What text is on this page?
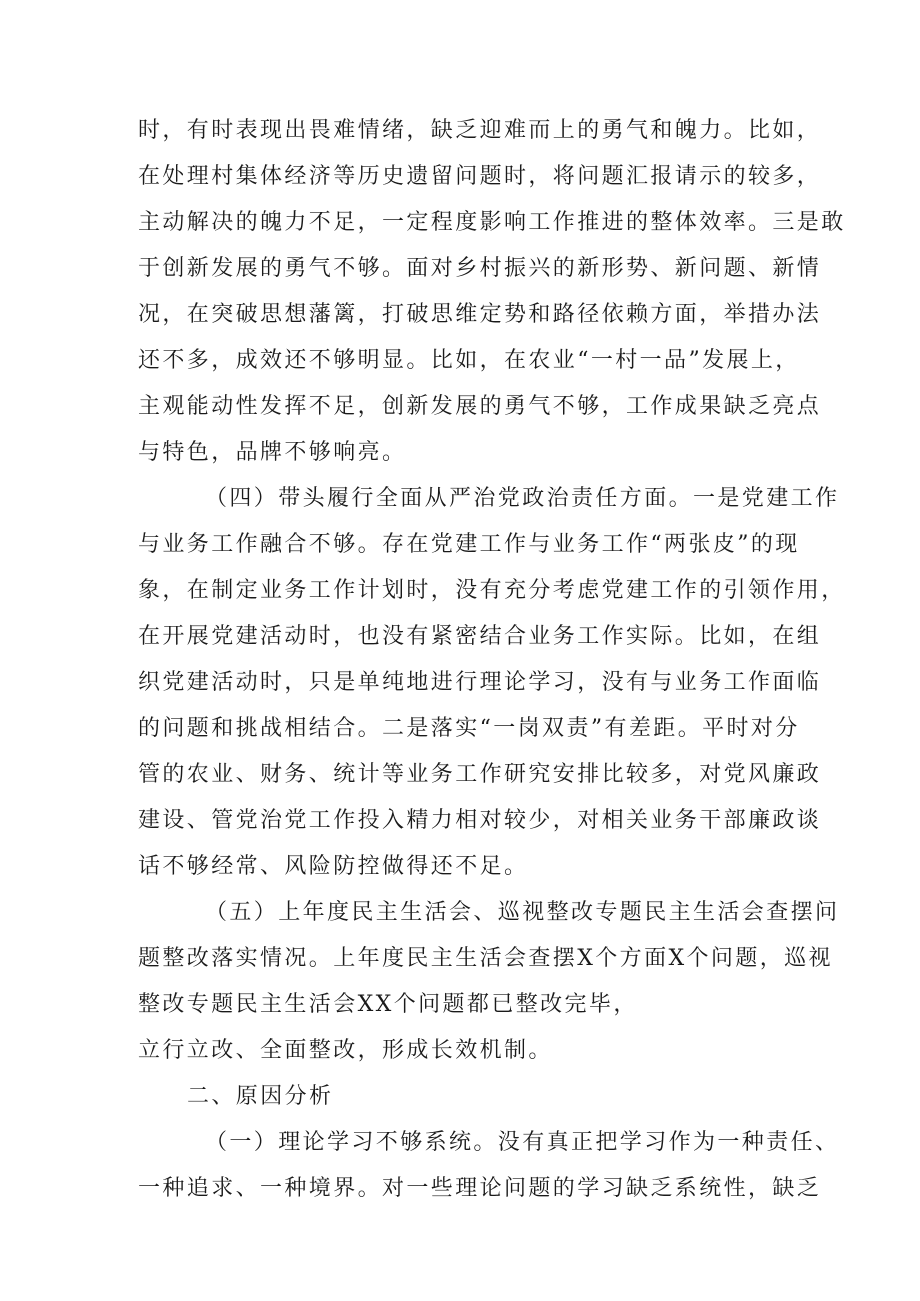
时，有时表现出畏难情绪，缺乏迎难而上的勇气和魄力。比如，
在处理村集体经济等历史遗留问题时，将问题汇报请示的较多，
主动解决的魄力不足，一定程度影响工作推进的整体效率。三是敢
于创新发展的勇气不够。面对乡村振兴的新形势、新问题、新情
况，在突破思想藩篱，打破思维定势和路径依赖方面，举措办法
还不多，成效还不够明显。比如，在农业“一村一品”发展上，
主观能动性发挥不足，创新发展的勇气不够，工作成果缺乏亮点
与特色，品牌不够响亮。
（四）带头履行全面从严治党政治责任方面。一是党建工作
与业务工作融合不够。存在党建工作与业务工作“两张皮”的现
象，在制定业务工作计划时，没有充分考虑党建工作的引领作用，
在开展党建活动时，也没有紧密结合业务工作实际。比如，在组
织党建活动时，只是单纯地进行理论学习，没有与业务工作面临
的问题和挑战相结合。二是落实“一岗双责”有差距。平时对分
管的农业、财务、统计等业务工作研究安排比较多，对党风廉政
建设、管党治党工作投入精力相对较少，对相关业务干部廉政谈
话不够经常、风险防控做得还不足。
（五）上年度民主生活会、巡视整改专题民主生活会查摆问
题整改落实情况。上年度民主生活会查摆X个方面X个问题，巡视
整改专题民主生活会XX个问题都已整改完毕，
立行立改、全面整改，形成长效机制。
二、原因分析
（一）理论学习不够系统。没有真正把学习作为一种责任、
一种追求、一种境界。对一些理论问题的学习缺乏系统性，缺乏
